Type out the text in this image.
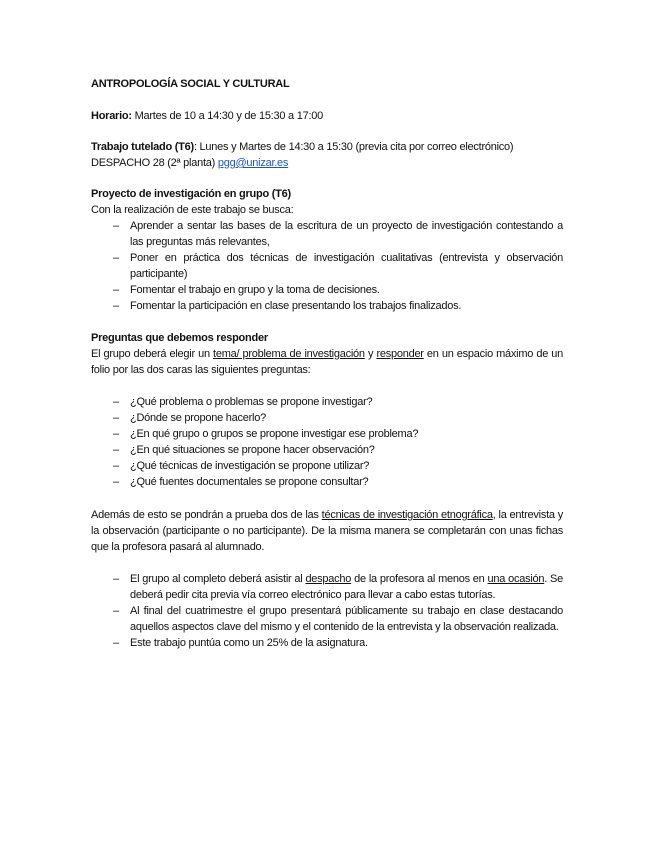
ANTROPOLOGÍA SOCIAL Y CULTURAL
Horario: Martes de 10 a 14:30 y de 15:30 a 17:00
Trabajo tutelado (T6): Lunes y Martes de 14:30 a 15:30 (previa cita por correo electrónico)
DESPACHO 28 (2ª planta) pgg@unizar.es
Proyecto de investigación en grupo (T6)
Con la realización de este trabajo se busca:
– Aprender a sentar las bases de la escritura de un proyecto de investigación contestando a las preguntas más relevantes,
– Poner en práctica dos técnicas de investigación cualitativas (entrevista y observación participante)
– Fomentar el trabajo en grupo y la toma de decisiones.
– Fomentar la participación en clase presentando los trabajos finalizados.
Preguntas que debemos responder
El grupo deberá elegir un tema/ problema de investigación y responder en un espacio máximo de un folio por las dos caras las siguientes preguntas:
– ¿Qué problema o problemas se propone investigar?
– ¿Dónde se propone hacerlo?
– ¿En qué grupo o grupos se propone investigar ese problema?
– ¿En qué situaciones se propone hacer observación?
– ¿Qué técnicas de investigación se propone utilizar?
– ¿Qué fuentes documentales se propone consultar?
Además de esto se pondrán a prueba dos de las técnicas de investigación etnográfica, la entrevista y la observación (participante o no participante). De la misma manera se completarán con unas fichas que la profesora pasará al alumnado.
– El grupo al completo deberá asistir al despacho de la profesora al menos en una ocasión. Se deberá pedir cita previa vía correo electrónico para llevar a cabo estas tutorías.
– Al final del cuatrimestre el grupo presentará públicamente su trabajo en clase destacando aquellos aspectos clave del mismo y el contenido de la entrevista y la observación realizada.
– Este trabajo puntúa como un 25% de la asignatura.
